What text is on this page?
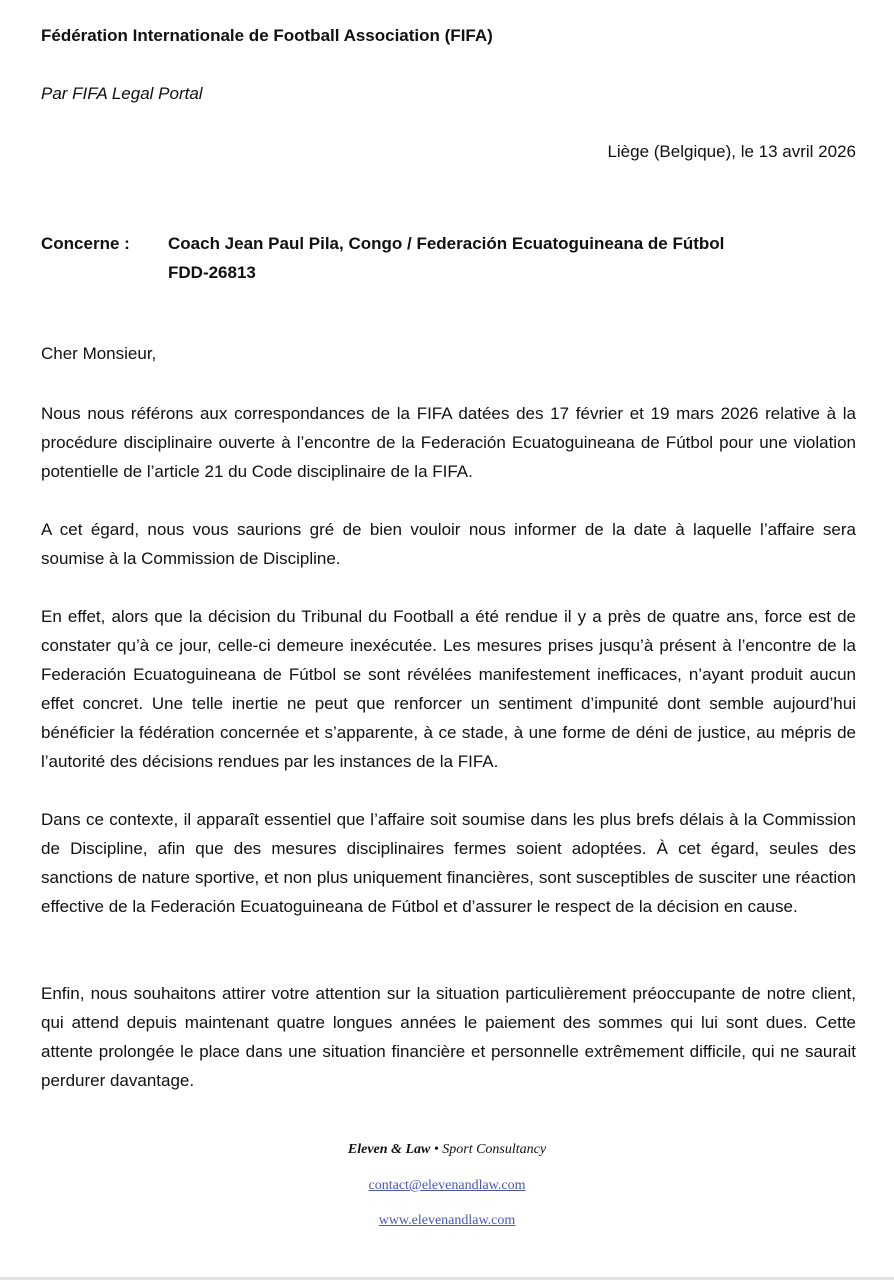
Fédération Internationale de Football Association (FIFA)
Par FIFA Legal Portal
Liège (Belgique), le 13 avril 2026
Concerne : Coach Jean Paul Pila, Congo / Federación Ecuatoguineana de Fútbol
FDD-26813
Cher Monsieur,

Nous nous référons aux correspondances de la FIFA datées des 17 février et 19 mars 2026 relative à la procédure disciplinaire ouverte à l’encontre de la Federación Ecuatoguineana de Fútbol pour une violation potentielle de l’article 21 du Code disciplinaire de la FIFA.

A cet égard, nous vous saurions gré de bien vouloir nous informer de la date à laquelle l’affaire sera soumise à la Commission de Discipline.

En effet, alors que la décision du Tribunal du Football a été rendue il y a près de quatre ans, force est de constater qu’à ce jour, celle-ci demeure inexécutée. Les mesures prises jusqu’à présent à l’encontre de la Federación Ecuatoguineana de Fútbol se sont révélées manifestement inefficaces, n’ayant produit aucun effet concret. Une telle inertie ne peut que renforcer un sentiment d’impunité dont semble aujourd’hui bénéficier la fédération concernée et s’apparente, à ce stade, à une forme de déni de justice, au mépris de l’autorité des décisions rendues par les instances de la FIFA.

Dans ce contexte, il apparaît essentiel que l’affaire soit soumise dans les plus brefs délais à la Commission de Discipline, afin que des mesures disciplinaires fermes soient adoptées. À cet égard, seules des sanctions de nature sportive, et non plus uniquement financières, sont susceptibles de susciter une réaction effective de la Federación Ecuatoguineana de Fútbol et d’assurer le respect de la décision en cause.

Enfin, nous souhaitons attirer votre attention sur la situation particulièrement préoccupante de notre client, qui attend depuis maintenant quatre longues années le paiement des sommes qui lui sont dues. Cette attente prolongée le place dans une situation financière et personnelle extrêmement difficile, qui ne saurait perdurer davantage.

Eleven & Law • Sport Consultancy
contact@elevenandlaw.com
www.elevenandlaw.com
